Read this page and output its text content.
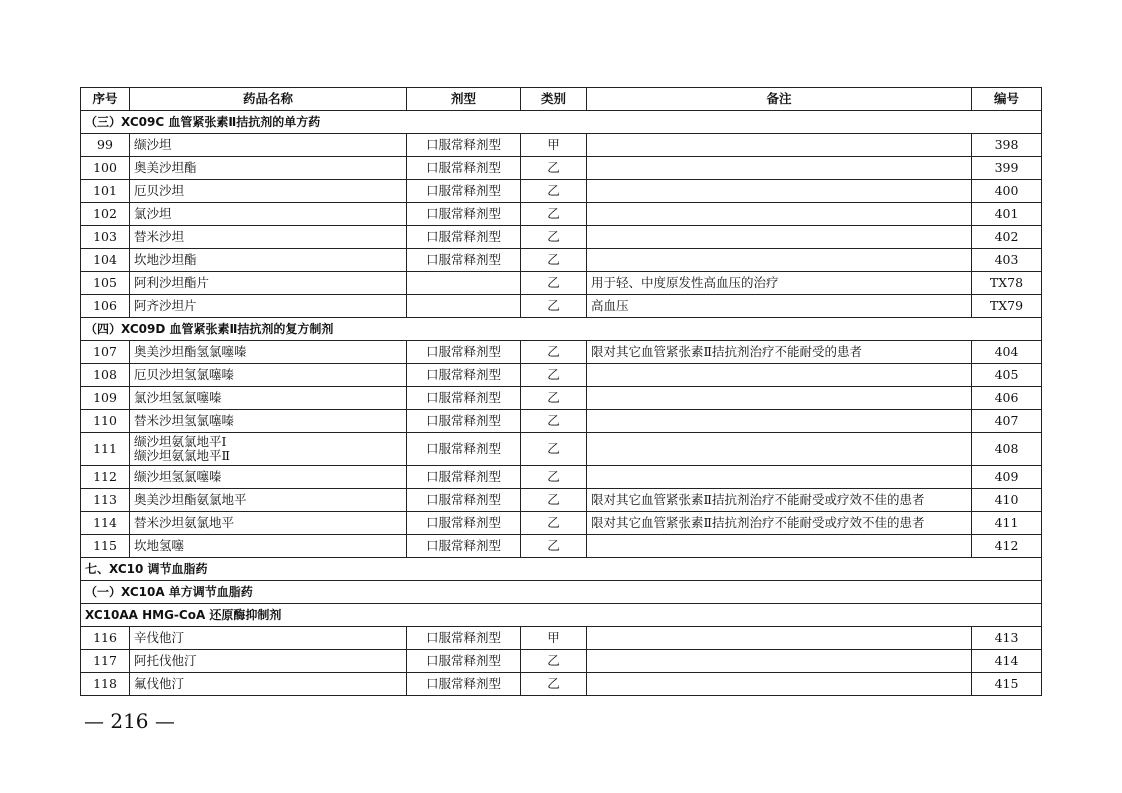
序号	药品名称	剂型	类别	备注	编号
（三）XC09C 血管紧张素Ⅱ拮抗剂的单方药					
99	缬沙坦	口服常释剂型	甲		398
100	奥美沙坦酯	口服常释剂型	乙		399
101	厄贝沙坦	口服常释剂型	乙		400
102	氯沙坦	口服常释剂型	乙		401
103	替米沙坦	口服常释剂型	乙		402
104	坎地沙坦酯	口服常释剂型	乙		403
105	阿利沙坦酯片		乙	用于轻、中度原发性高血压的治疗	TX78
106	阿齐沙坦片		乙	高血压	TX79
（四）XC09D 血管紧张素Ⅱ拮抗剂的复方制剂					
107	奥美沙坦酯氢氯噻嗪	口服常释剂型	乙	限对其它血管紧张素Ⅱ拮抗剂治疗不能耐受的患者	404
108	厄贝沙坦氢氯噻嗪	口服常释剂型	乙		405
109	氯沙坦氢氯噻嗪	口服常释剂型	乙		406
110	替米沙坦氢氯噻嗪	口服常释剂型	乙		407
111	缬沙坦氨氯地平Ⅰ
缬沙坦氨氯地平Ⅱ	口服常释剂型	乙		408
112	缬沙坦氢氯噻嗪	口服常释剂型	乙		409
113	奥美沙坦酯氨氯地平	口服常释剂型	乙	限对其它血管紧张素Ⅱ拮抗剂治疗不能耐受或疗效不佳的患者	410
114	替米沙坦氨氯地平	口服常释剂型	乙	限对其它血管紧张素Ⅱ拮抗剂治疗不能耐受或疗效不佳的患者	411
115	坎地氢噻	口服常释剂型	乙		412
七、XC10 调节血脂药					
（一）XC10A 单方调节血脂药					
XC10AA HMG-CoA 还原酶抑制剂					
116	辛伐他汀	口服常释剂型	甲		413
117	阿托伐他汀	口服常释剂型	乙		414
118	氟伐他汀	口服常释剂型	乙		415
— 216 —
